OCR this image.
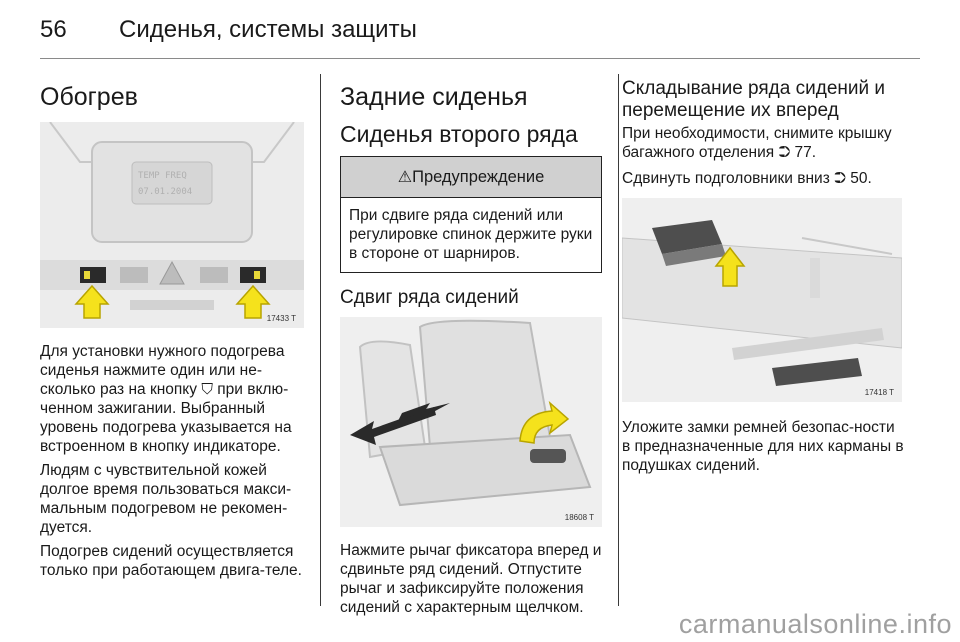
56 Сиденья, системы защиты
Обогрев
TEMP FREQ
07.01.2004
17433 T

Для установки нужного подогрева сиденья нажмите один или не-сколько раз на кнопку ⛉ при вклю-ченном зажигании. Выбранный уровень подогрева указывается на встроенном в кнопку индикаторе.

Людям с чувствительной кожей долгое время пользоваться макси-мальным подогревом не рекомен-дуется.

Подогрев сидений осуществляется только при работающем двига-теле.

Задние сиденья
Сиденья второго ряда
⚠Предупреждение
При сдвиге ряда сидений или регулировке спинок держите руки в стороне от шарниров.
Сдвиг ряда сидений
18608 T

Нажмите рычаг фиксатора вперед и сдвиньте ряд сидений. Отпустите рычаг и зафиксируйте положения сидений с характерным щелчком.

Складывание ряда сидений и перемещение их вперед

При необходимости, снимите крышку багажного отделения ⮊ 77.

Сдвинуть подголовники вниз ⮊ 50.

17418 T

Уложите замки ремней безопас-ности в предназначенные для них карманы в подушках сидений.

carmanualsonline.info
